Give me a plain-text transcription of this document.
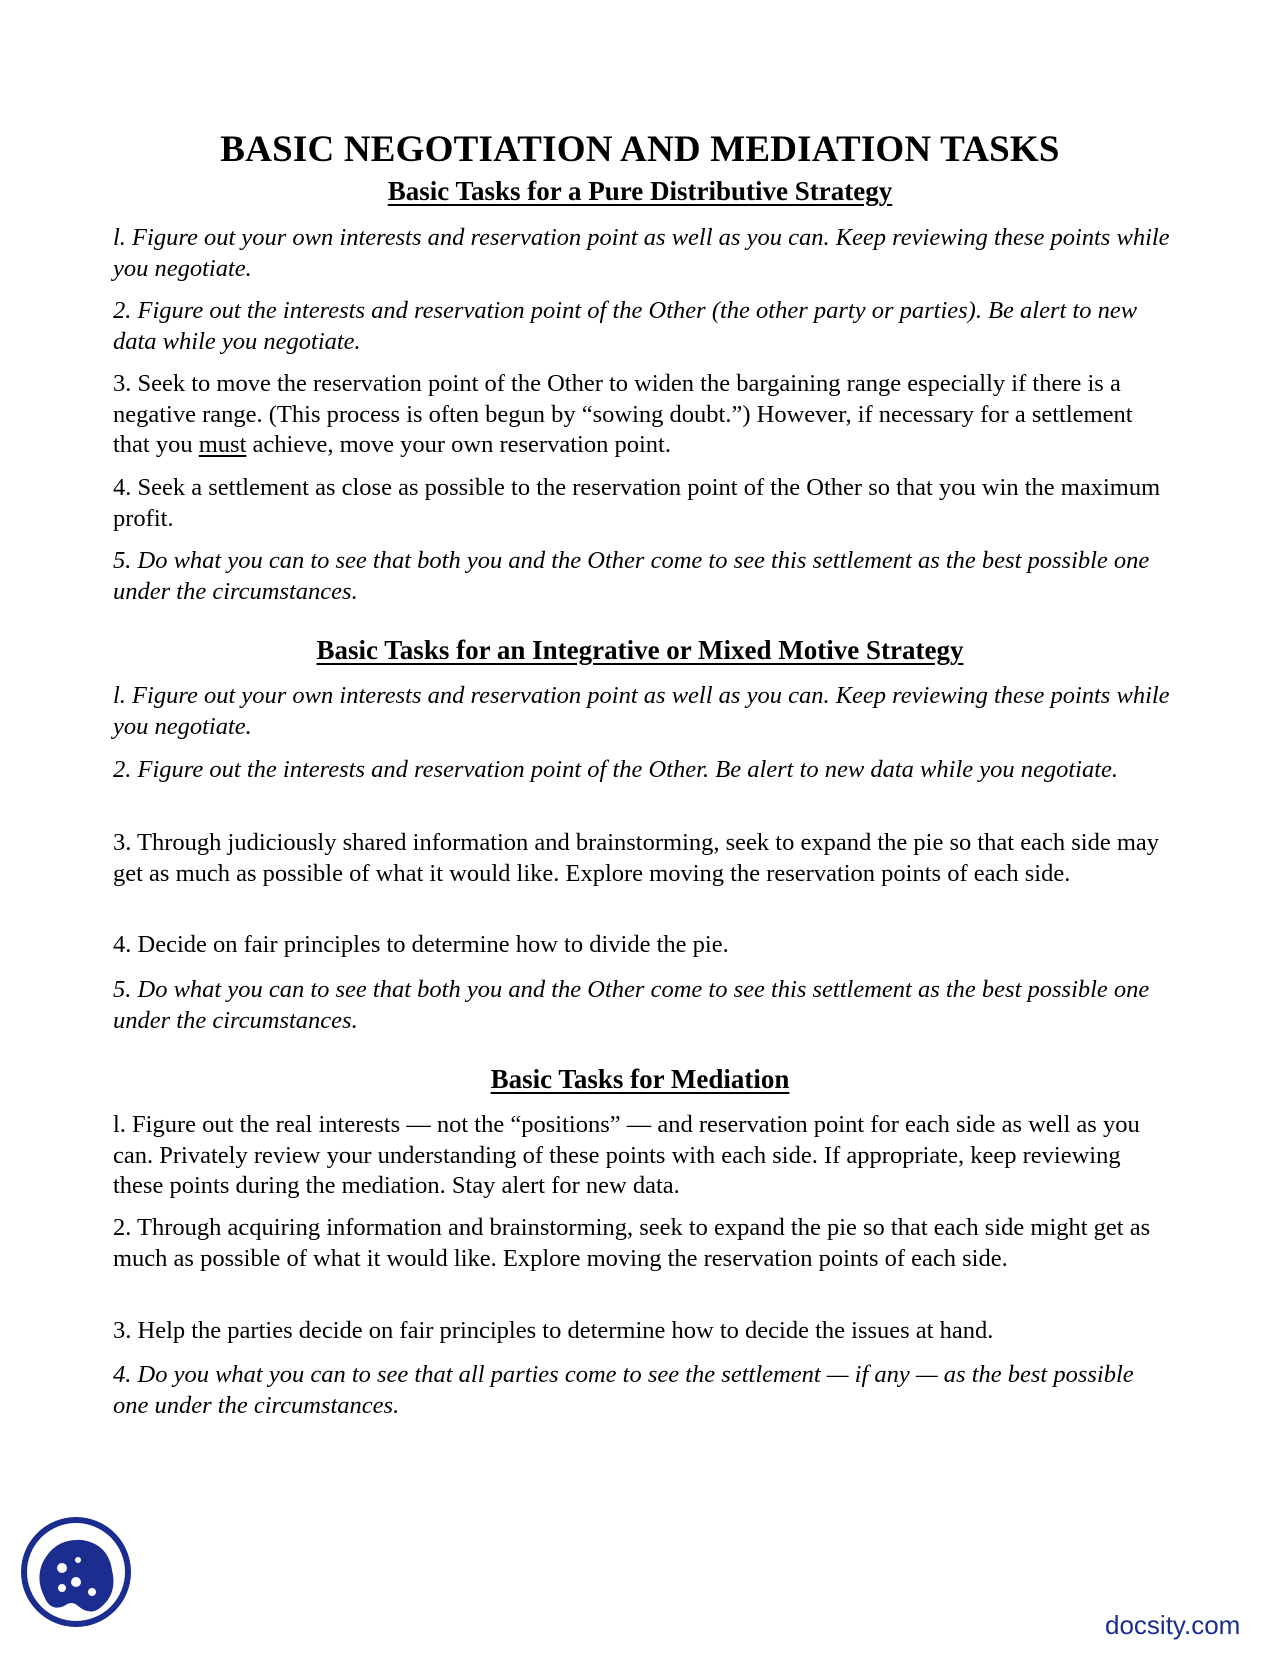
BASIC NEGOTIATION AND MEDIATION TASKS
Basic Tasks for a Pure Distributive Strategy
l. Figure out your own interests and reservation point as well as you can. Keep reviewing these points while you negotiate.
2. Figure out the interests and reservation point of the Other (the other party or parties). Be alert to new data while you negotiate.
3. Seek to move the reservation point of the Other to widen the bargaining range especially if there is a negative range. (This process is often begun by “sowing doubt.”) However, if necessary for a settlement that you must achieve, move your own reservation point.
4. Seek a settlement as close as possible to the reservation point of the Other so that you win the maximum profit.
5. Do what you can to see that both you and the Other come to see this settlement as the best possible one under the circumstances.
Basic Tasks for an Integrative or Mixed Motive Strategy
l. Figure out your own interests and reservation point as well as you can. Keep reviewing these points while you negotiate.
2. Figure out the interests and reservation point of the Other. Be alert to new data while you negotiate.
3. Through judiciously shared information and brainstorming, seek to expand the pie so that each side may get as much as possible of what it would like. Explore moving the reservation points of each side.
4. Decide on fair principles to determine how to divide the pie.
5. Do what you can to see that both you and the Other come to see this settlement as the best possible one under the circumstances.
Basic Tasks for Mediation
l. Figure out the real interests — not the “positions” — and reservation point for each side as well as you can. Privately review your understanding of these points with each side. If appropriate, keep reviewing these points during the mediation. Stay alert for new data.
2. Through acquiring information and brainstorming, seek to expand the pie so that each side might get as much as possible of what it would like. Explore moving the reservation points of each side.
3. Help the parties decide on fair principles to determine how to decide the issues at hand.
4. Do you what you can to see that all parties come to see the settlement — if any — as the best possible one under the circumstances.
docsity.com
